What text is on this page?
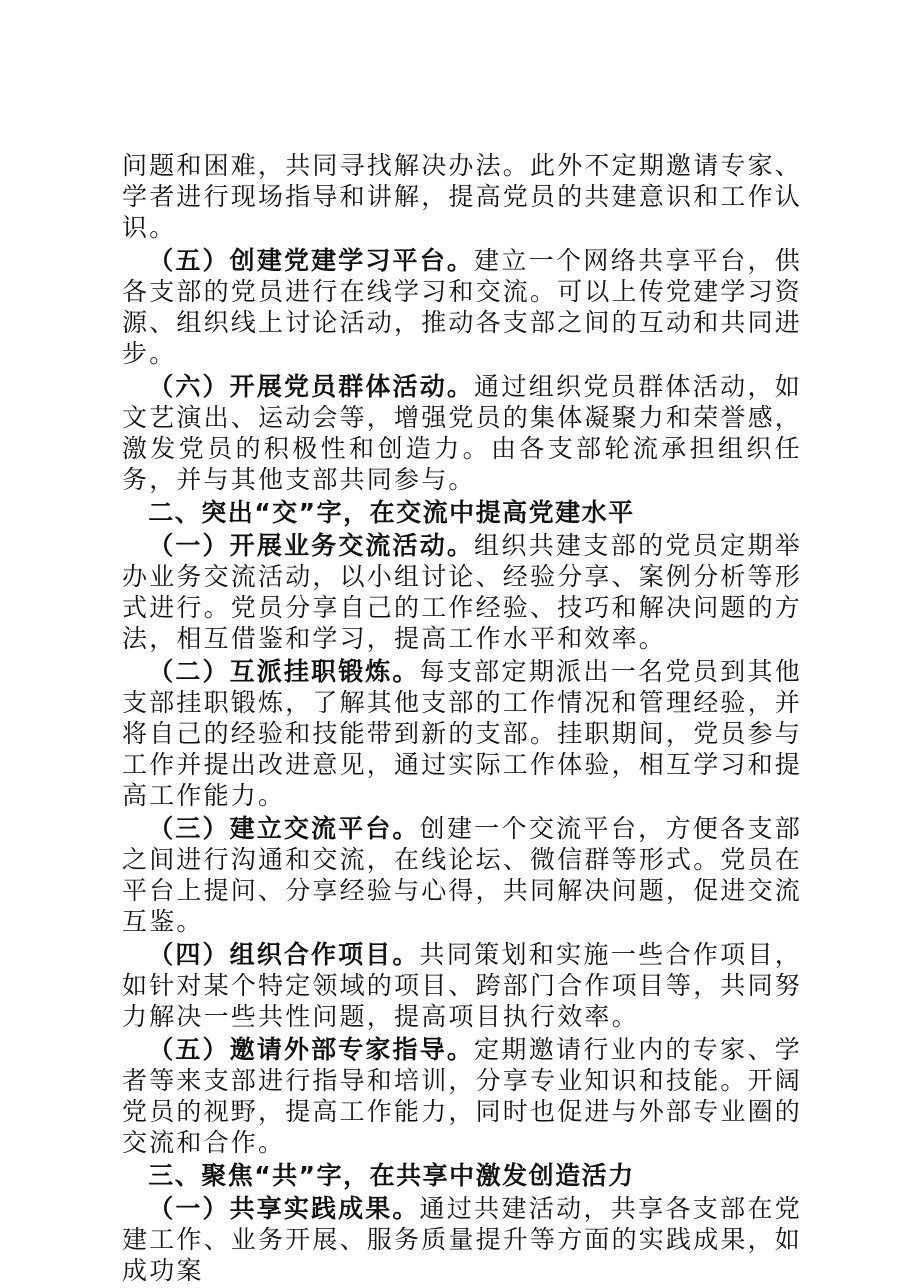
问题和困难，共同寻找解决办法。此外不定期邀请专家、学者进行现场指导和讲解，提高党员的共建意识和工作认识。

（五）创建党建学习平台。建立一个网络共享平台，供各支部的党员进行在线学习和交流。可以上传党建学习资源、组织线上讨论活动，推动各支部之间的互动和共同进步。

（六）开展党员群体活动。通过组织党员群体活动，如文艺演出、运动会等，增强党员的集体凝聚力和荣誉感，激发党员的积极性和创造力。由各支部轮流承担组织任务，并与其他支部共同参与。

二、突出“交”字，在交流中提高党建水平

（一）开展业务交流活动。组织共建支部的党员定期举办业务交流活动，以小组讨论、经验分享、案例分析等形式进行。党员分享自己的工作经验、技巧和解决问题的方法，相互借鉴和学习，提高工作水平和效率。

（二）互派挂职锻炼。每支部定期派出一名党员到其他支部挂职锻炼，了解其他支部的工作情况和管理经验，并将自己的经验和技能带到新的支部。挂职期间，党员参与工作并提出改进意见，通过实际工作体验，相互学习和提高工作能力。

（三）建立交流平台。创建一个交流平台，方便各支部之间进行沟通和交流，在线论坛、微信群等形式。党员在平台上提问、分享经验与心得，共同解决问题，促进交流互鉴。

（四）组织合作项目。共同策划和实施一些合作项目，如针对某个特定领域的项目、跨部门合作项目等，共同努力解决一些共性问题，提高项目执行效率。

（五）邀请外部专家指导。定期邀请行业内的专家、学者等来支部进行指导和培训，分享专业知识和技能。开阔党员的视野，提高工作能力，同时也促进与外部专业圈的交流和合作。

三、聚焦“共”字，在共享中激发创造活力

（一）共享实践成果。通过共建活动，共享各支部在党建工作、业务开展、服务质量提升等方面的实践成果，如成功案
